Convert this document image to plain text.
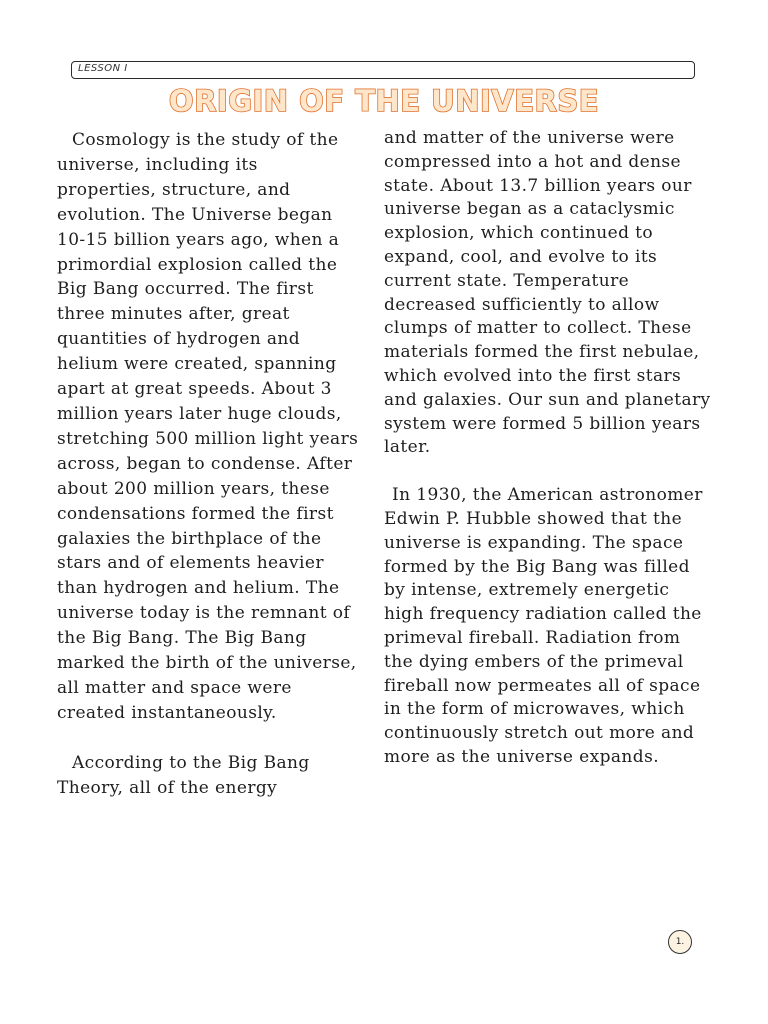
LESSON I
ORIGIN OF THE UNIVERSE

Cosmology is the study of the universe, including its properties, structure, and evolution. The Universe began 10-15 billion years ago, when a primordial explosion called the Big Bang occurred. The first three minutes after, great quantities of hydrogen and helium were created, spanning apart at great speeds. About 3 million years later huge clouds, stretching 500 million light years across, began to condense. After about 200 million years, these condensations formed the first galaxies the birthplace of the stars and of elements heavier than hydrogen and helium. The universe today is the remnant of the Big Bang. The Big Bang marked the birth of the universe, all matter and space were created instantaneously.

According to the Big Bang Theory, all of the energy

and matter of the universe were compressed into a hot and dense state. About 13.7 billion years our universe began as a cataclysmic explosion, which continued to expand, cool, and evolve to its current state. Temperature decreased sufficiently to allow clumps of matter to collect. These materials formed the first nebulae, which evolved into the first stars and galaxies. Our sun and planetary system were formed 5 billion years later.

In 1930, the American astronomer Edwin P. Hubble showed that the universe is expanding. The space formed by the Big Bang was filled by intense, extremely energetic high frequency radiation called the primeval fireball. Radiation from the dying embers of the primeval fireball now permeates all of space in the form of microwaves, which continuously stretch out more and more as the universe expands.

1.
